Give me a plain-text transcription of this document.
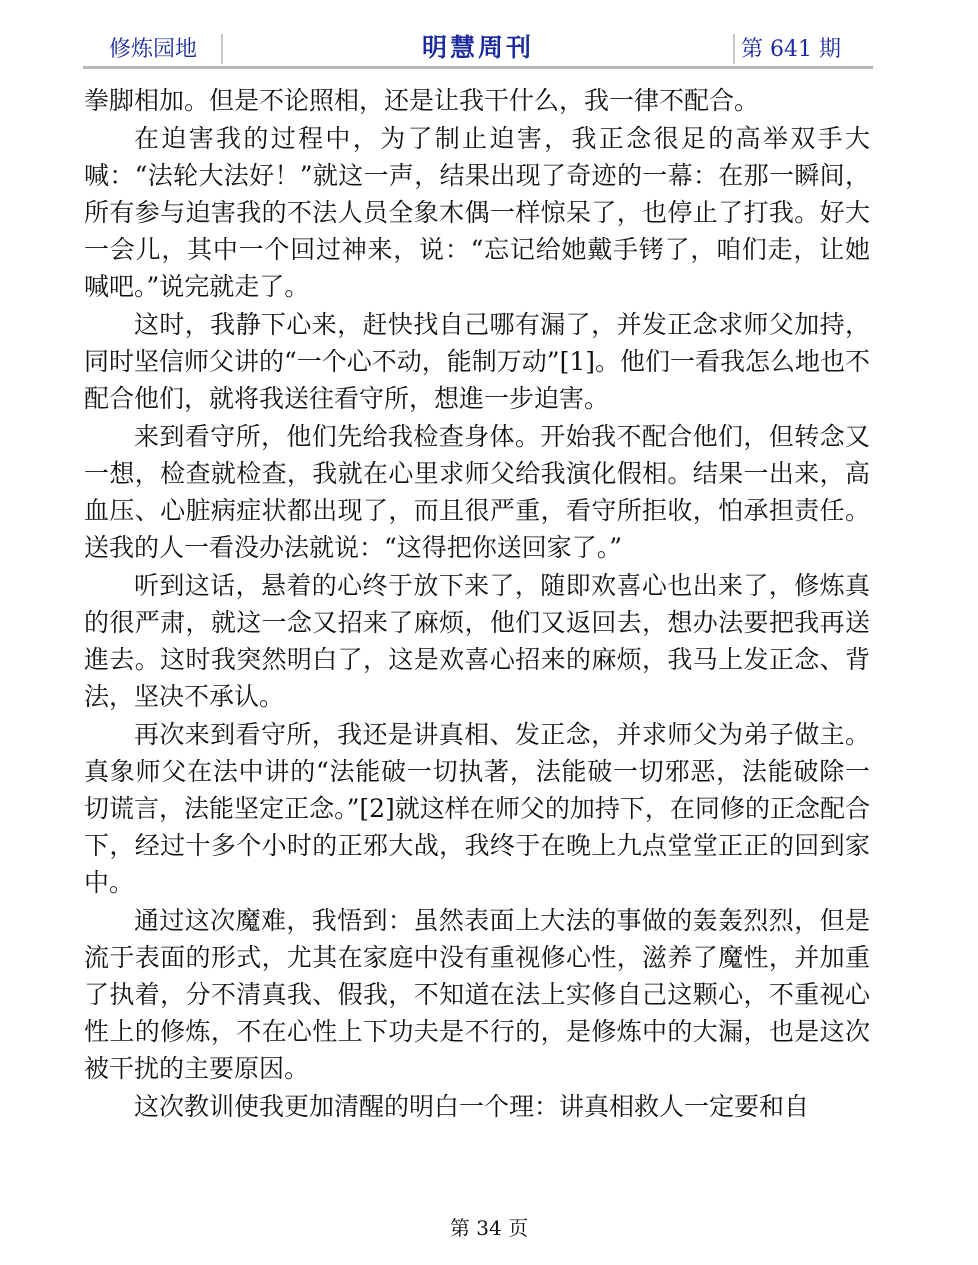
修炼园地	明慧周刊	第 641 期

拳脚相加。但是不论照相，还是让我干什么，我一律不配合。

在迫害我的过程中，为了制止迫害，我正念很足的高举双手大喊：“法轮大法好！”就这一声，结果出现了奇迹的一幕：在那一瞬间，所有参与迫害我的不法人员全象木偶一样惊呆了，也停止了打我。好大一会儿，其中一个回过神来，说：“忘记给她戴手铐了，咱们走，让她喊吧。”说完就走了。

这时，我静下心来，赶快找自己哪有漏了，并发正念求师父加持，同时坚信师父讲的“一个心不动，能制万动”[1]。他们一看我怎么地也不配合他们，就将我送往看守所，想進一步迫害。

来到看守所，他们先给我检查身体。开始我不配合他们，但转念又一想，检查就检查，我就在心里求师父给我演化假相。结果一出来，高血压、心脏病症状都出现了，而且很严重，看守所拒收，怕承担责任。送我的人一看没办法就说：“这得把你送回家了。”

听到这话，悬着的心终于放下来了，随即欢喜心也出来了，修炼真的很严肃，就这一念又招来了麻烦，他们又返回去，想办法要把我再送進去。这时我突然明白了，这是欢喜心招来的麻烦，我马上发正念、背法，坚决不承认。

再次来到看守所，我还是讲真相、发正念，并求师父为弟子做主。真象师父在法中讲的“法能破一切执著，法能破一切邪恶，法能破除一切谎言，法能坚定正念。”[2]就这样在师父的加持下，在同修的正念配合下，经过十多个小时的正邪大战，我终于在晚上九点堂堂正正的回到家中。

通过这次魔难，我悟到：虽然表面上大法的事做的轰轰烈烈，但是流于表面的形式，尤其在家庭中没有重视修心性，滋养了魔性，并加重了执着，分不清真我、假我，不知道在法上实修自己这颗心，不重视心性上的修炼，不在心性上下功夫是不行的，是修炼中的大漏，也是这次被干扰的主要原因。

这次教训使我更加清醒的明白一个理：讲真相救人一定要和自

第 34 页
